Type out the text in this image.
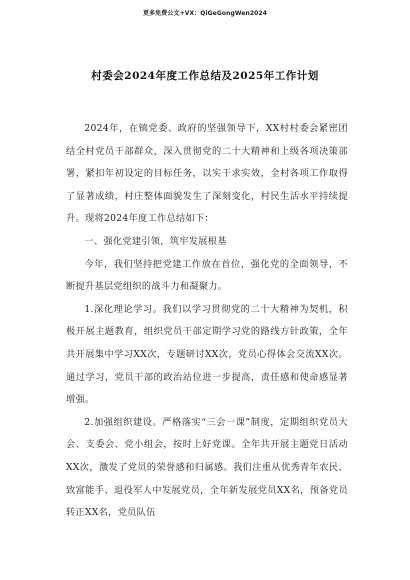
更多免费公文+VX：QiGeGongWen2024
村委会2024年度工作总结及2025年工作计划

2024年，在镇党委、政府的坚强领导下，XX村村委会紧密团结全村党员干部群众，深入贯彻党的二十大精神和上级各项决策部署，紧扣年初设定的目标任务，以实干求实效，全村各项工作取得了显著成绩，村庄整体面貌发生了深刻变化，村民生活水平持续提升。现将2024年度工作总结如下：

一、强化党建引领，筑牢发展根基

今年，我们坚持把党建工作放在首位，强化党的全面领导，不断提升基层党组织的战斗力和凝聚力。

1.深化理论学习。我们以学习贯彻党的二十大精神为契机，积极开展主题教育，组织党员干部定期学习党的路线方针政策，全年共开展集中学习XX次，专题研讨XX次，党员心得体会交流XX次。通过学习，党员干部的政治站位进一步提高，责任感和使命感显著增强。

2.加强组织建设。严格落实“三会一课”制度，定期组织党员大会、支委会、党小组会，按时上好党课。全年共开展主题党日活动XX次，激发了党员的荣誉感和归属感。我们注重从优秀青年农民、致富能手、退役军人中发展党员，全年新发展党员XX名，预备党员转正XX名，党员队伍
